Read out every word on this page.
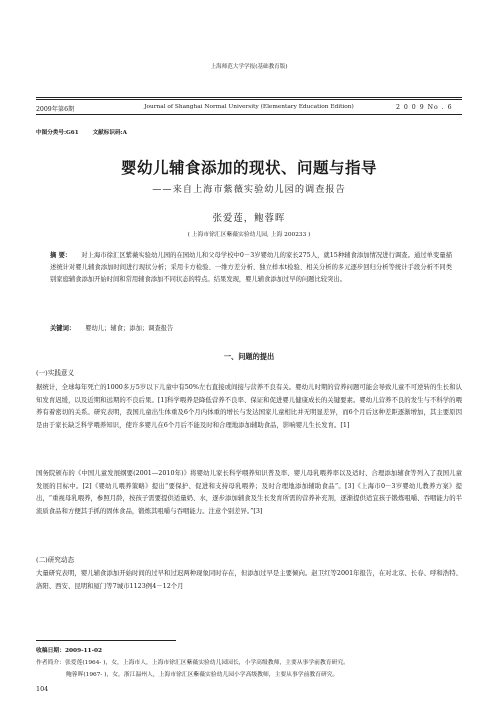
上海师范大学学报(基础教育版)
2009年第6期	Journal of Shanghai Normal University (Elementary Education Edition)	2 0 0 9 No . 6
中图分类号:G61 文献标识码:A
婴幼儿辅食添加的现状、问题与指导
——来自上海市紫薇实验幼儿园的调查报告
张爱莲，鲍蓉晖
( 上海市徐汇区紫薇实验幼儿园, 上海 200233 )
摘 要： 对上海市徐汇区紫薇实验幼儿园的在园幼儿和父母学校中0－3岁婴幼儿的家长275人，就15种辅食添加情况进行调查。通过单变量描述统计对婴儿辅食添加时间进行现状分析；采用卡方检验、一维方差分析、独立样本t检验、相关分析的多元逐步回归分析等统计手段分析不同类别家庭辅食添加开始时间和常用辅食添加不同状态的特点。结果发现，婴儿辅食添加过早的问题比较突出。
关键词： 婴幼儿；辅食；添加；调查报告
一、问题的提出
(一)实践意义
据统计，全球每年死亡的1000多万5岁以下儿童中有50%左右直接或间接与营养不良有关。婴幼儿时期的营养问题可能会导致儿童不可逆转的生长和认知发育迟缓，以及近期和远期的不良后果。[1]科学喂养是降低营养不良率、保证和促进婴儿健康成长的关键要素。婴幼儿营养不良的发生与不科学的喂养有着密切的关系。研究表明，我国儿童出生体重及6个月内体重的增长与发达国家儿童相比并无明显差异，而6个月后这种差距逐渐增加，其主要原因是由于家长缺乏科学喂养知识，使许多婴儿在6个月后不能及时和合理地添加辅助食品，影响婴儿生长发育。[1]
国务院颁布的《中国儿童发展纲要(2001—2010年)》将婴幼儿家长科学喂养知识普及率、婴儿母乳喂养率以及适时、合理添加辅食等列入了我国儿童发展的目标中。[2]《婴幼儿喂养策略》提出“要保护、促进和支持母乳喂养；及时合理地添加辅助食品”。[3]《上海市0－3岁婴幼儿教养方案》提出，“重视母乳喂养，参照月龄，按孩子需要提供适量奶、水，逐步添加辅食及生长发育所需的营养补充剂，逐渐提供适宜孩子锻炼咀嚼、吞咽能力的半流质食品和方便其手抓的固体食品，锻炼其咀嚼与吞咽能力。注意个别差异。”[3]
(二)研究动态
大量研究表明，婴儿辅食添加开始时间的过早和过迟两种现象同时存在，但添加过早是主要倾向。赵卫红等2001年报告，在对北京、长春、呼和浩特、洛阳、西安、昆明和厦门等7城市1123例4－12个月
收稿日期：2009-11-02
作者简介：张爱莲(1964- )，女，上海市人，上海市徐汇区紫薇实验幼儿园园长，小学高级教师，主要从事学前教育研究。
鲍蓉晖(1967- )，女，浙江温州人，上海市徐汇区紫薇实验幼儿园小学高级教师，主要从事学前教育研究。
104
